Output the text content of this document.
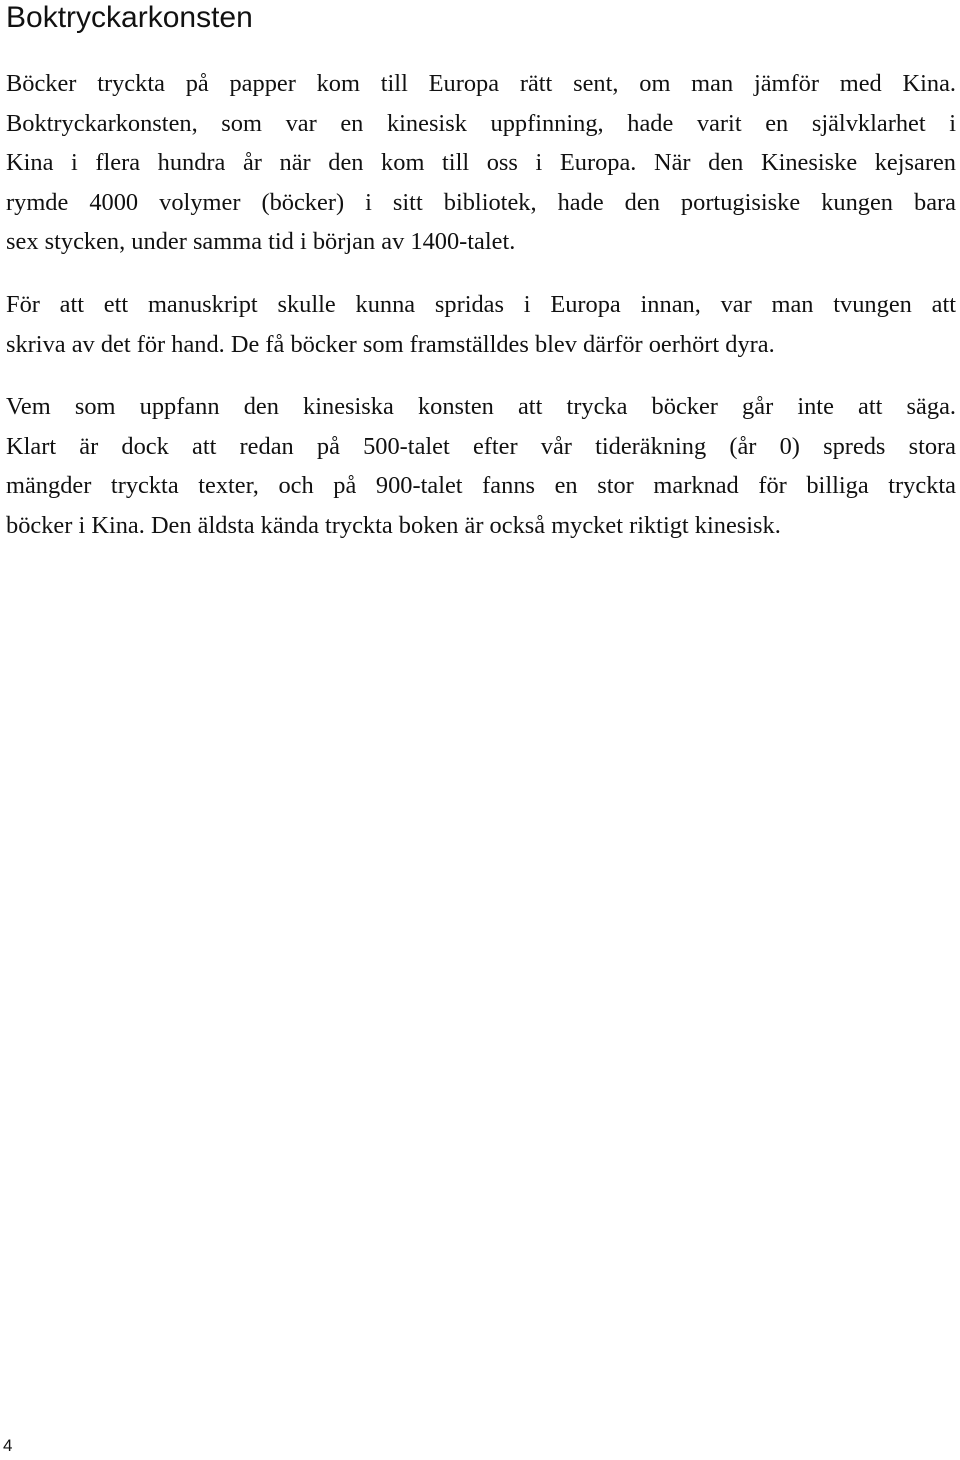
Boktryckarkonsten

Böcker tryckta på papper kom till Europa rätt sent, om man jämför med Kina.
Boktryckarkonsten, som var en kinesisk uppfinning, hade varit en självklarhet i
Kina i flera hundra år när den kom till oss i Europa. När den Kinesiske kejsaren
rymde 4000 volymer (böcker) i sitt bibliotek, hade den portugisiske kungen bara
sex stycken, under samma tid i början av 1400-talet.

För att ett manuskript skulle kunna spridas i Europa innan, var man tvungen att
skriva av det för hand. De få böcker som framställdes blev därför oerhört dyra.

Vem som uppfann den kinesiska konsten att trycka böcker går inte att säga.
Klart är dock att redan på 500-talet efter vår tideräkning (år 0) spreds stora
mängder tryckta texter, och på 900-talet fanns en stor marknad för billiga tryckta
böcker i Kina. Den äldsta kända tryckta boken är också mycket riktigt kinesisk.

4
